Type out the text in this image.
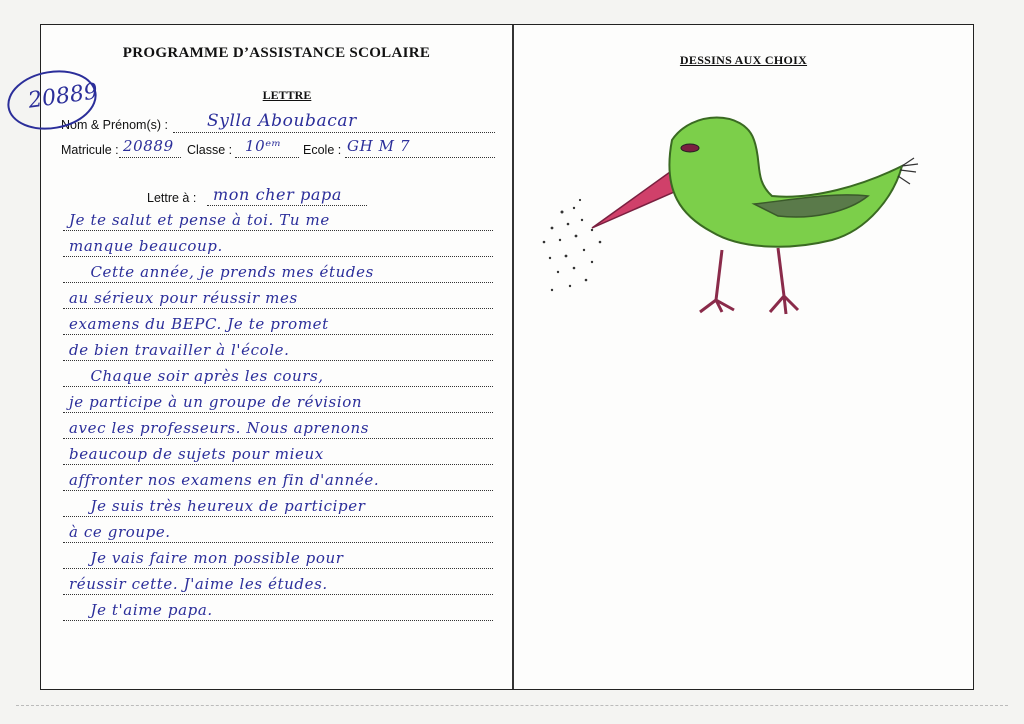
PROGRAMME D’ASSISTANCE SCOLAIRE
LETTRE
Nom & Prénom(s) : Sylla Aboubacar
Matricule : 20889 Classe : 10ᵉᵐ Ecole : GH M 7
Lettre à : mon cher papa
Je te salut et pense à toi. Tu me
manque beaucoup.
Cette année, je prends mes études
au sérieux pour réussir mes
examens du BEPC. Je te promet
de bien travailler à l'école.
Chaque soir après les cours,
je participe à un groupe de révision
avec les professeurs. Nous aprenons
beaucoup de sujets pour mieux
affronter nos examens en fin d'année.
Je suis très heureux de participer
à ce groupe.
Je vais faire mon possible pour
réussir cette. J'aime les études.
Je t'aime papa.
DESSINS AUX CHOIX
20889
